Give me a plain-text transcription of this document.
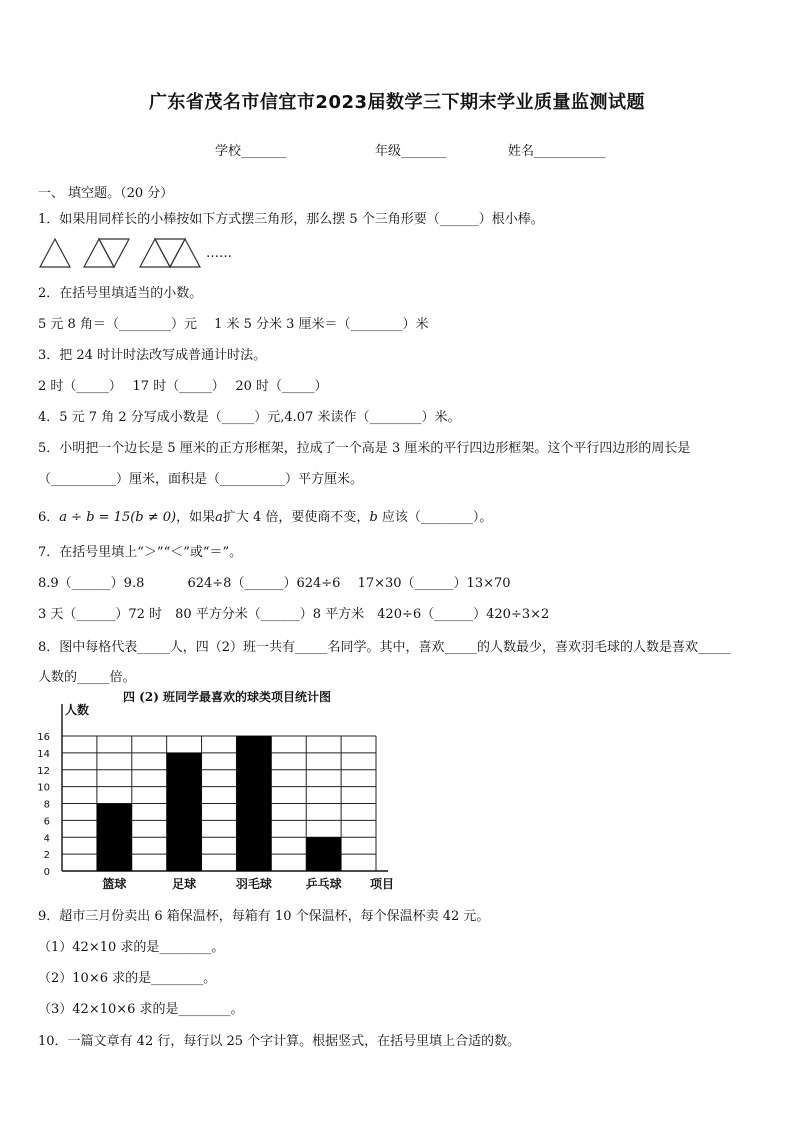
广东省茂名市信宜市2023届数学三下期末学业质量监测试题
学校_______	年级_______	姓名___________
一、 填空题。（20 分）
1．如果用同样长的小棒按如下方式摆三角形，那么摆 5 个三角形要（______）根小棒。
……
2．在括号里填适当的小数。
5 元 8 角＝（________）元　 1 米 5 分米 3 厘米＝（________）米
3．把 24 时计时法改写成普通计时法。
2 时（_____）　 17 时（_____）　 20 时（_____）
4．5 元 7 角 2 分写成小数是（_____）元,4.07 米读作（________）米。
5．小明把一个边长是 5 厘米的正方形框架，拉成了一个高是 3 厘米的平行四边形框架。这个平行四边形的周长是
（__________）厘米，面积是（__________）平方厘米。
6．a ÷ b = 15(b ≠ 0)，如果a扩大 4 倍，要使商不变，b 应该（________）。
7．在括号里填上“＞”“＜”或“＝”。
8.9（______）9.8　　　 624÷8（______）624÷6　 17×30（______）13×70
3 天（______）72 时　80 平方分米（______）8 平方米　420÷6（______）420÷3×2
8．图中每格代表_____人，四（2）班一共有_____名同学。其中，喜欢_____的人数最少，喜欢羽毛球的人数是喜欢_____
人数的_____倍。
篮球	足球	羽毛球	乒乓球
0
2
4
6
8
10
12
14
16
四 (2) 班同学最喜欢的球类项目统计图
人数
项目
9．超市三月份卖出 6 箱保温杯，每箱有 10 个保温杯，每个保温杯卖 42 元。
（1）42×10 求的是________。
（2）10×6 求的是________。
（3）42×10×6 求的是________。
10．一篇文章有 42 行，每行以 25 个字计算。根据竖式，在括号里填上合适的数。
